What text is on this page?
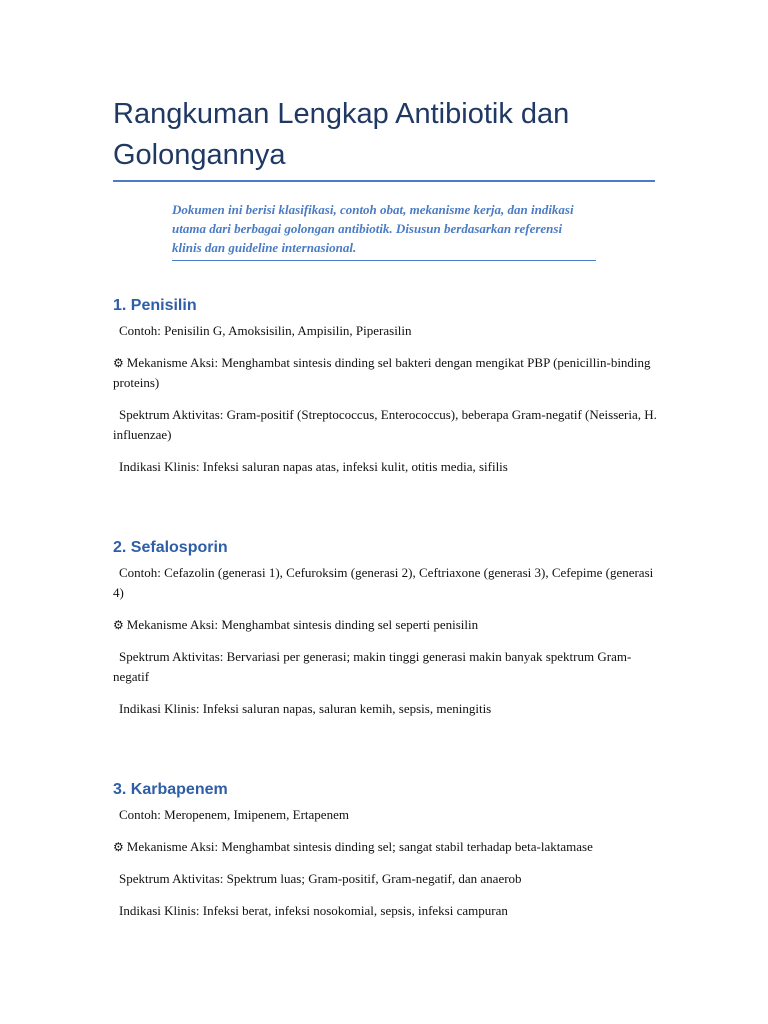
Rangkuman Lengkap Antibiotik dan Golongannya
Dokumen ini berisi klasifikasi, contoh obat, mekanisme kerja, dan indikasi utama dari berbagai golongan antibiotik. Disusun berdasarkan referensi klinis dan guideline internasional.
1. Penisilin

Contoh: Penisilin G, Amoksisilin, Ampisilin, Piperasilin

⚙ Mekanisme Aksi: Menghambat sintesis dinding sel bakteri dengan mengikat PBP (penicillin-binding proteins)

Spektrum Aktivitas: Gram-positif (Streptococcus, Enterococcus), beberapa Gram-negatif (Neisseria, H. influenzae)

Indikasi Klinis: Infeksi saluran napas atas, infeksi kulit, otitis media, sifilis

2. Sefalosporin

Contoh: Cefazolin (generasi 1), Cefuroksim (generasi 2), Ceftriaxone (generasi 3), Cefepime (generasi 4)

⚙ Mekanisme Aksi: Menghambat sintesis dinding sel seperti penisilin

Spektrum Aktivitas: Bervariasi per generasi; makin tinggi generasi makin banyak spektrum Gram-negatif

Indikasi Klinis: Infeksi saluran napas, saluran kemih, sepsis, meningitis

3. Karbapenem

Contoh: Meropenem, Imipenem, Ertapenem

⚙ Mekanisme Aksi: Menghambat sintesis dinding sel; sangat stabil terhadap beta-laktamase

Spektrum Aktivitas: Spektrum luas; Gram-positif, Gram-negatif, dan anaerob

Indikasi Klinis: Infeksi berat, infeksi nosokomial, sepsis, infeksi campuran
